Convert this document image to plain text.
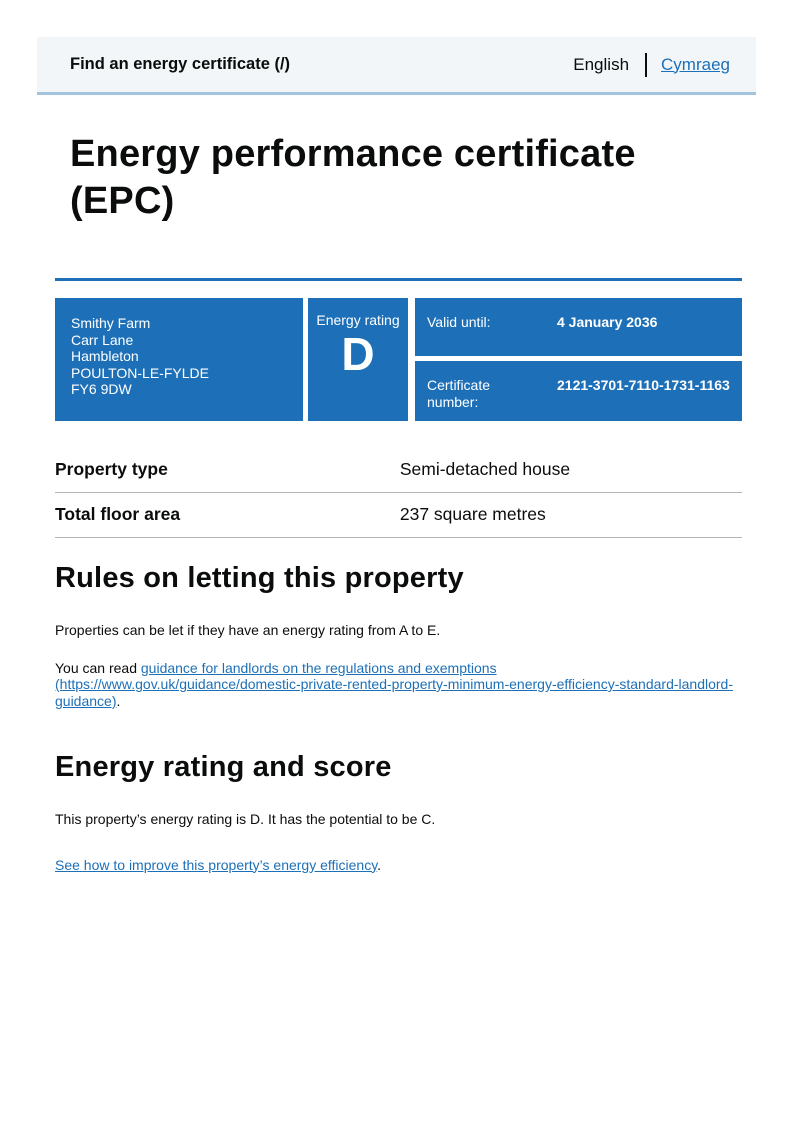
Find an energy certificate (/)	English Cymraeg
Energy performance certificate (EPC)
Smithy Farm
Carr Lane
Hambleton
POULTON-LE-FYLDE
FY6 9DW
Energy rating
D
Valid until:	4 January 2036
Certificate number:
2121-3701-7110-1731-1163
Property type	Semi-detached house
Total floor area	237 square metres
Rules on letting this property

Properties can be let if they have an energy rating from A to E.

You can read guidance for landlords on the regulations and exemptions (https://www.gov.uk/guidance/domestic-private-rented-property-minimum-energy-efficiency-standard-landlord-guidance).

Energy rating and score

This property’s energy rating is D. It has the potential to be C.

See how to improve this property’s energy efficiency.
